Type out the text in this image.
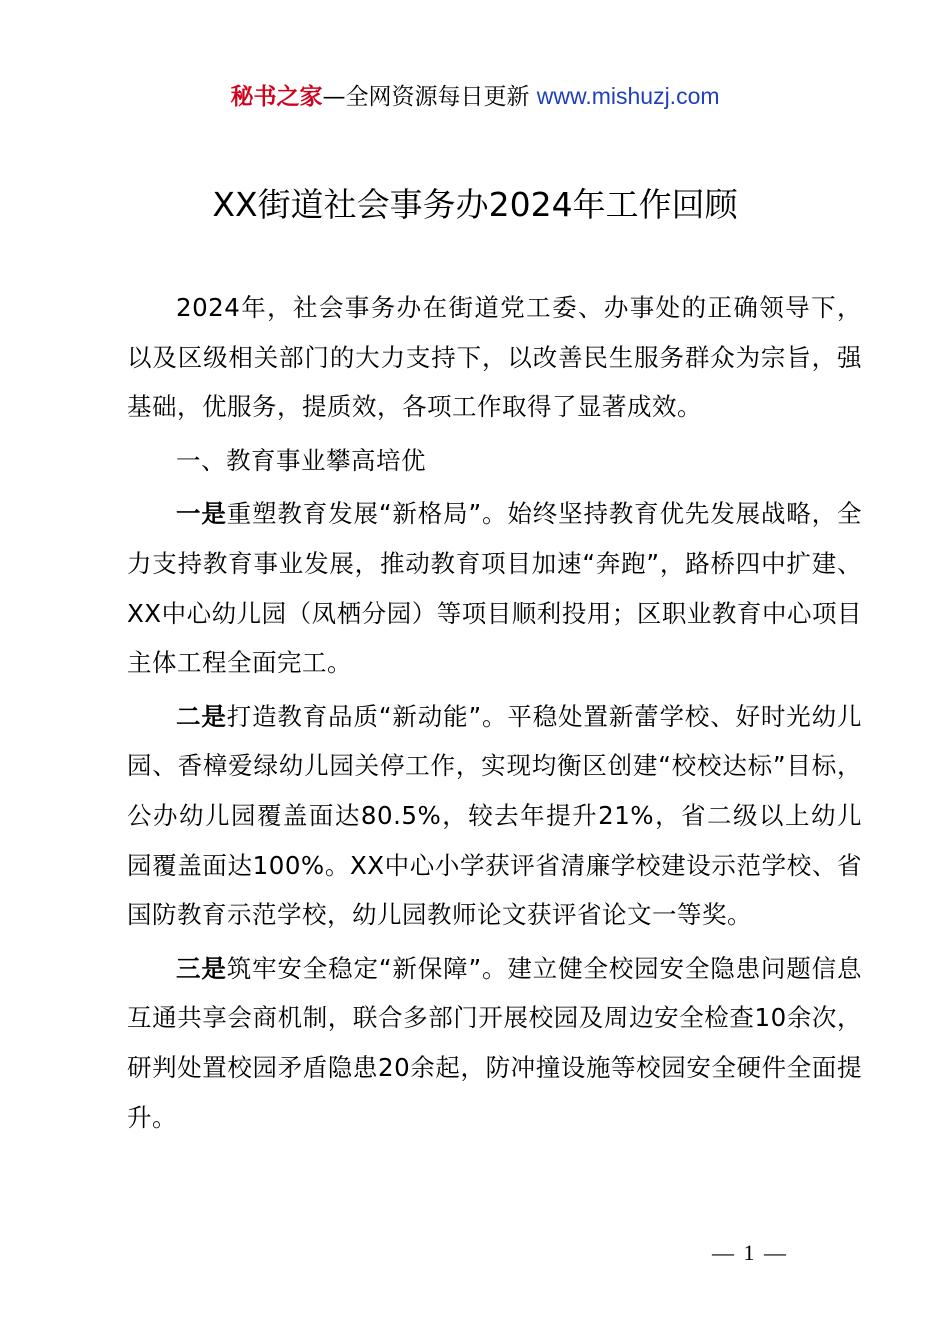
秘书之家—全网资源每日更新 www.mishuzj.com
XX街道社会事务办2024年工作回顾

2024年，社会事务办在街道党工委、办事处的正确领导下，以及区级相关部门的大力支持下，以改善民生服务群众为宗旨，强基础，优服务，提质效，各项工作取得了显著成效。

一、教育事业攀高培优

一是重塑教育发展“新格局”。始终坚持教育优先发展战略，全力支持教育事业发展，推动教育项目加速“奔跑”，路桥四中扩建、XX中心幼儿园（凤栖分园）等项目顺利投用；区职业教育中心项目主体工程全面完工。

二是打造教育品质“新动能”。平稳处置新蕾学校、好时光幼儿园、香樟爱绿幼儿园关停工作，实现均衡区创建“校校达标”目标，公办幼儿园覆盖面达80.5%，较去年提升21%，省二级以上幼儿园覆盖面达100%。XX中心小学获评省清廉学校建设示范学校、省国防教育示范学校，幼儿园教师论文获评省论文一等奖。

三是筑牢安全稳定“新保障”。建立健全校园安全隐患问题信息互通共享会商机制，联合多部门开展校园及周边安全检查10余次，研判处置校园矛盾隐患20余起，防冲撞设施等校园安全硬件全面提升。

— 1 —
